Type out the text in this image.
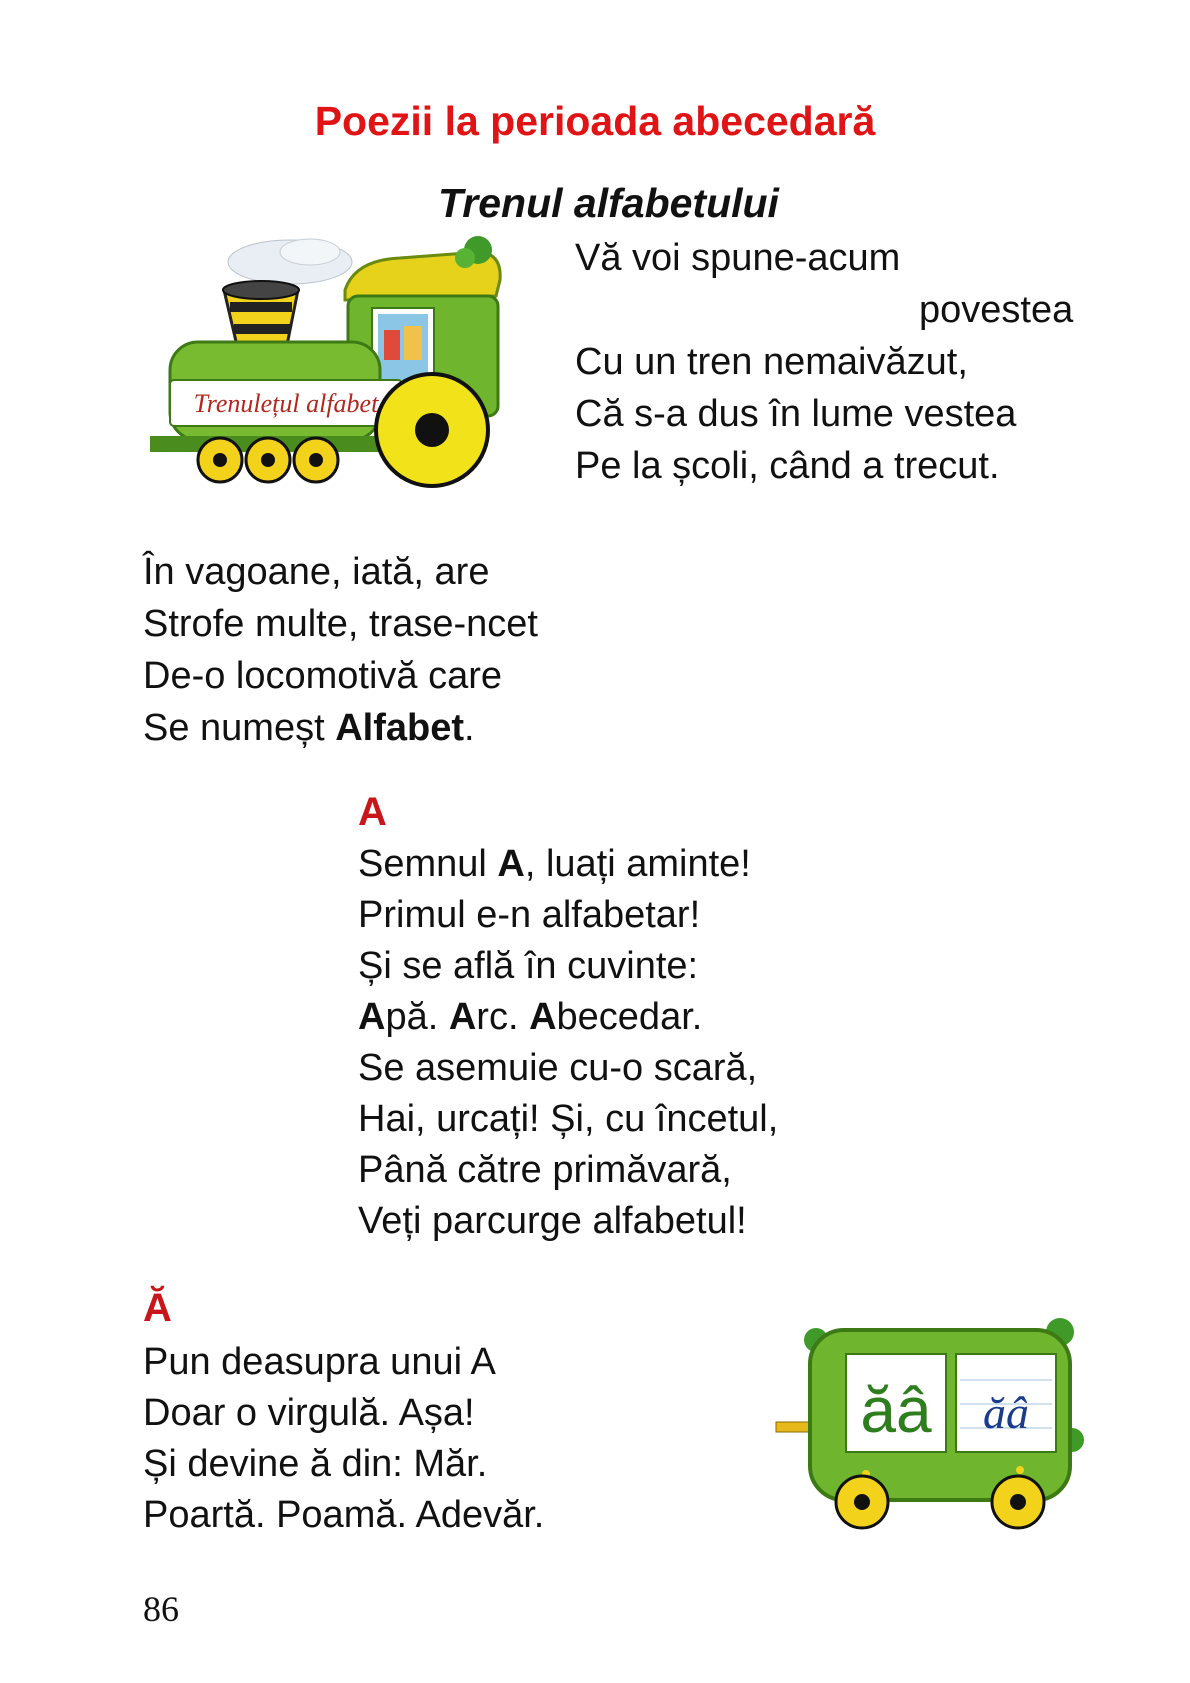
Poezii la perioada abecedară
Trenul alfabetului
Trenulețul alfabet
Vă voi spune-acum
povestea
Cu un tren nemaivăzut,
Că s-a dus în lume vestea
Pe la școli, când a trecut.
În vagoane, iată, are
Strofe multe, trase-ncet
De-o locomotivă care
Se numeșt Alfabet.
A
Semnul A, luați aminte!
Primul e-n alfabetar!
Și se află în cuvinte:
Apă. Arc. Abecedar.
Se asemuie cu-o scară,
Hai, urcați! Și, cu încetul,
Până către primăvară,
Veți parcurge alfabetul!
Ă
Pun deasupra unui A
Doar o virgulă. Așa!
Și devine ă din: Măr.
Poartă. Poamă. Adevăr.
ăâ ăâ
86
